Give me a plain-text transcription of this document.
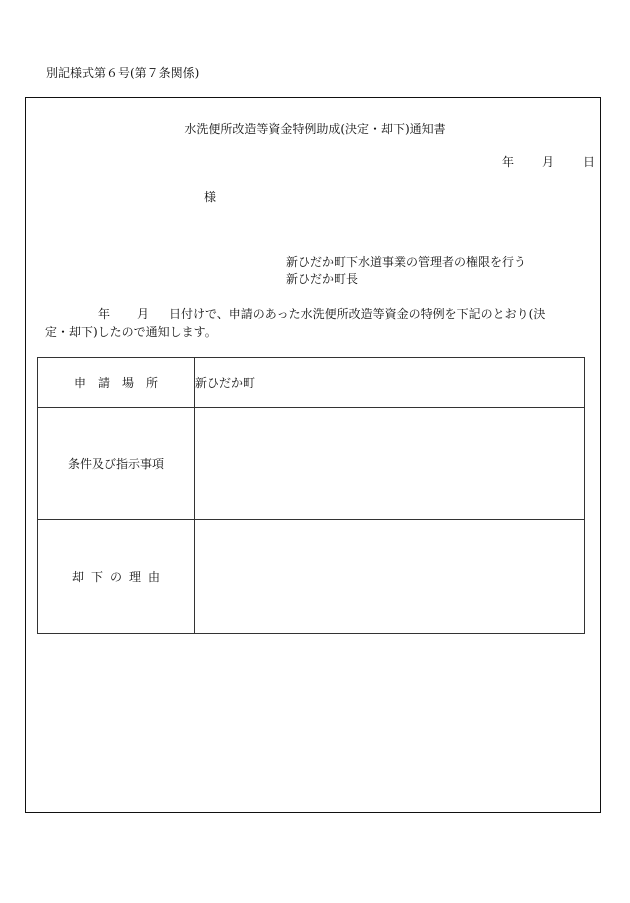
別記様式第６号(第７条関係)
水洗便所改造等資金特例助成(決定・却下)通知書
年 月 日
様
新ひだか町下水道事業の管理者の権限を行う
新ひだか町長
年 月 日付けで、申請のあった水洗便所改造等資金の特例を下記のとおり(決
定・却下)したので通知します。
申請場所	新ひだか町
条件及び指示事項	
却下の理由	
